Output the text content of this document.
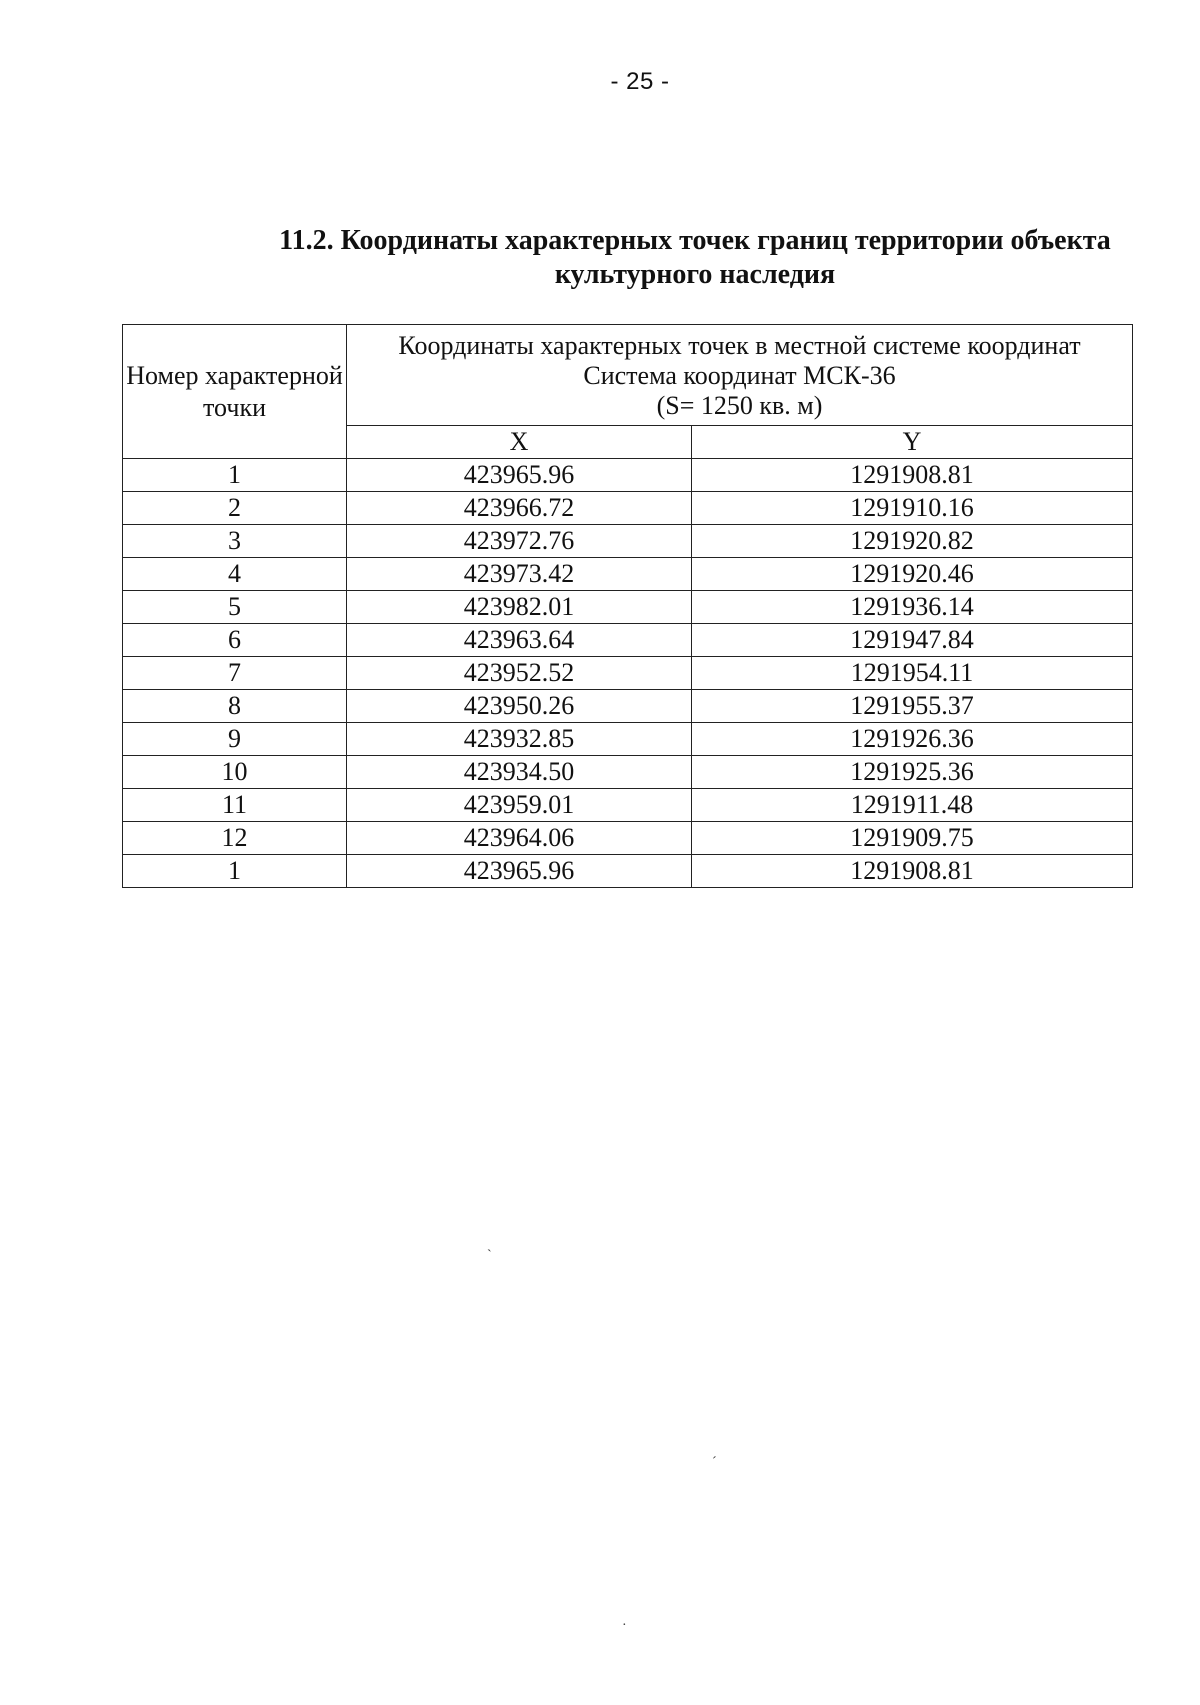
- 25 -
11.2. Координаты характерных точек границ территории объекта
культурного наследия
Номер характерной точки	Координаты характерных точек в местной системе координат
Система координат МСК-36
(S= 1250 кв. м)	

	X	Y
1	423965.96	1291908.81
2	423966.72	1291910.16
3	423972.76	1291920.82
4	423973.42	1291920.46
5	423982.01	1291936.14
6	423963.64	1291947.84
7	423952.52	1291954.11
8	423950.26	1291955.37
9	423932.85	1291926.36
10	423934.50	1291925.36
11	423959.01	1291911.48
12	423964.06	1291909.75
1	423965.96	1291908.81
`
ˊ
·
